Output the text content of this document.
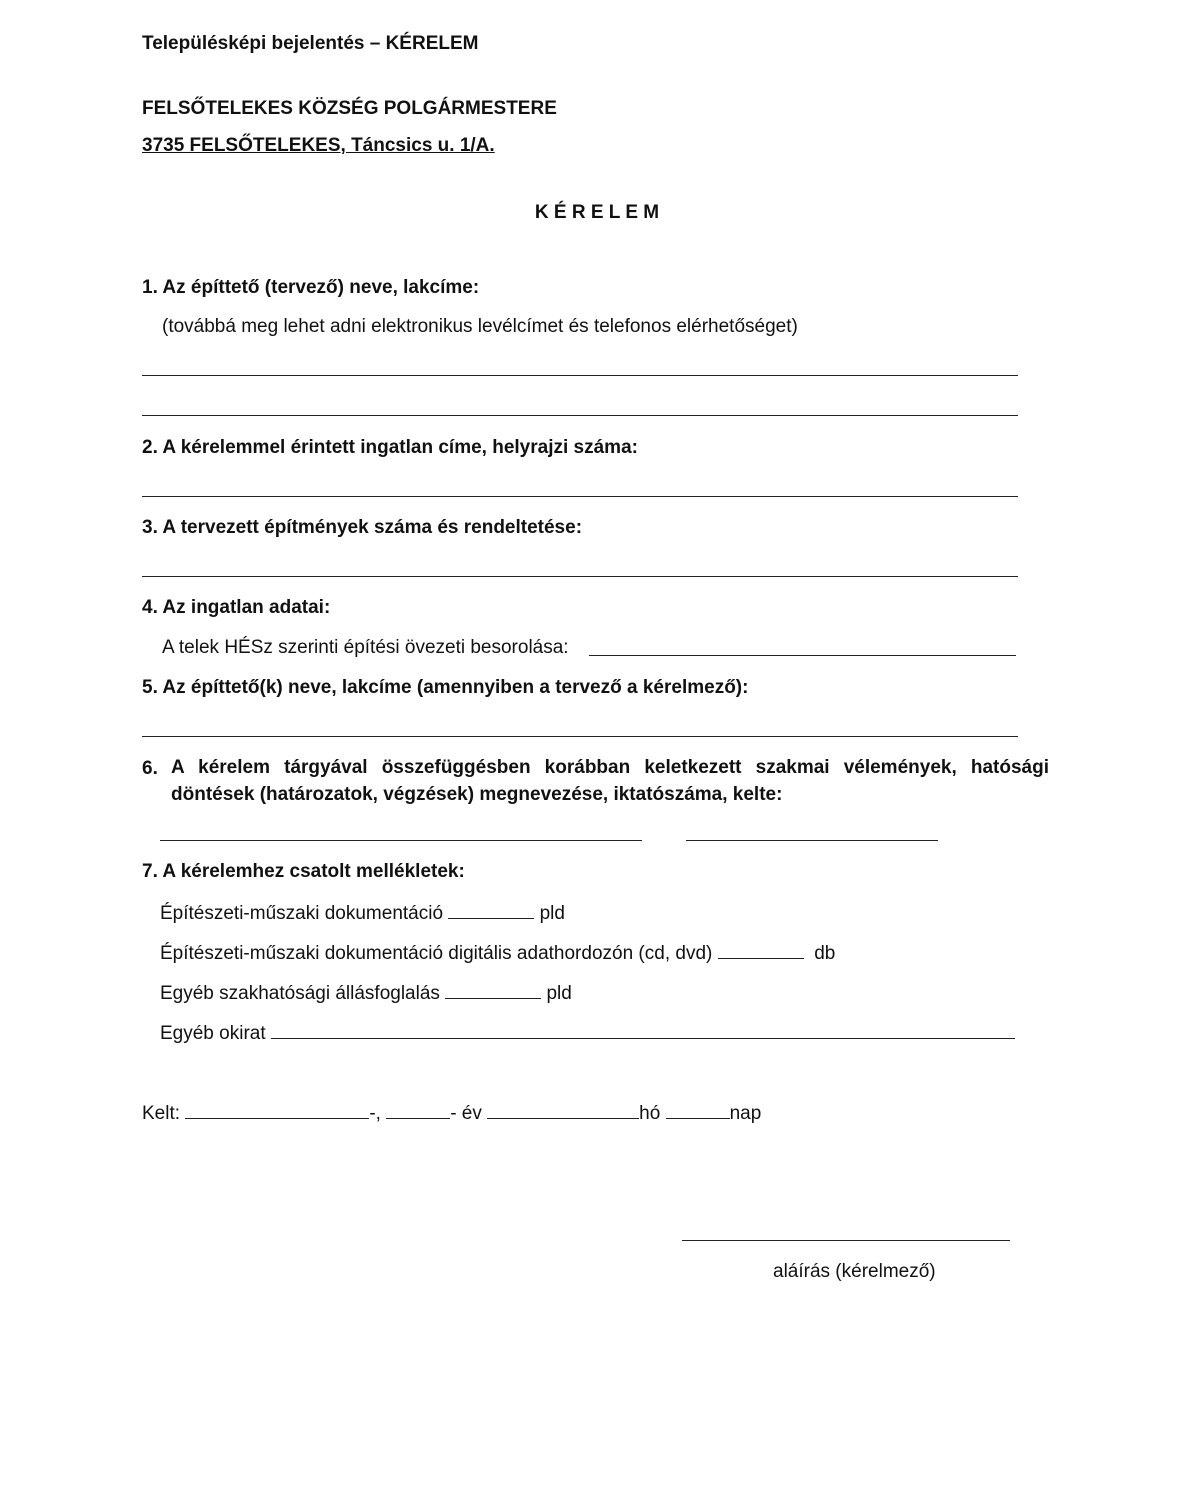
Településképi bejelentés – KÉRELEM
FELSŐTELEKES KÖZSÉG POLGÁRMESTERE
3735 FELSŐTELEKES, Táncsics u. 1/A.
K É R E L E M
1. Az építtető (tervező) neve, lakcíme:
(továbbá meg lehet adni elektronikus levélcímet és telefonos elérhetőséget)
2. A kérelemmel érintett ingatlan címe, helyrajzi száma:
3. A tervezett építmények száma és rendeltetése:
4. Az ingatlan adatai:
A telek HÉSz szerinti építési övezeti besorolása:
5. Az építtető(k) neve, lakcíme (amennyiben a tervező a kérelmező):
6. A kérelem tárgyával összefüggésben korábban keletkezett szakmai vélemények, hatósági döntések (határozatok, végzések) megnevezése, iktatószáma, kelte:
7. A kérelemhez csatolt mellékletek:
Építészeti-műszaki dokumentáció	pld
Építészeti-műszaki dokumentáció digitális adathordozón (cd, dvd)	db
Egyéb szakhatósági állásfoglalás	pld
Egyéb okirat
Kelt:	-,	- év	hó	nap
aláírás (kérelmező)
